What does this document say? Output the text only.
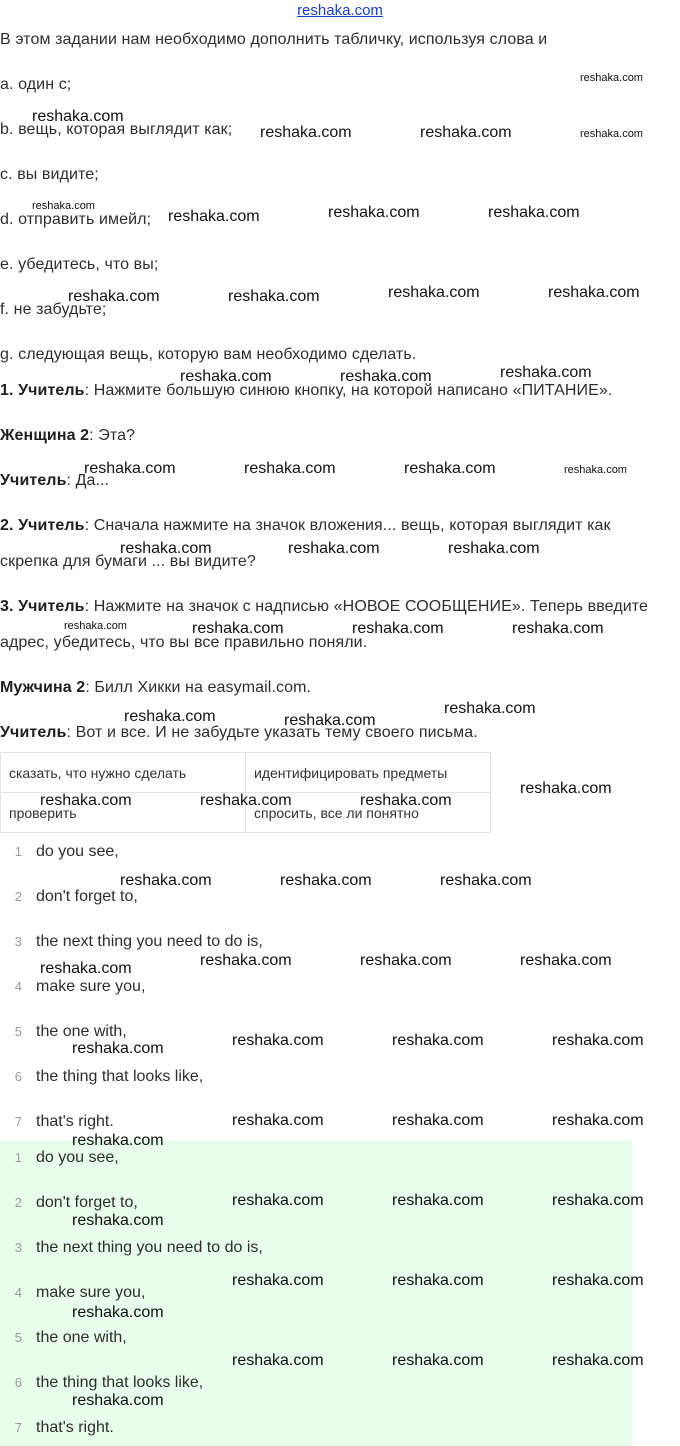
reshaka.com
В этом задании нам необходимо дополнить табличку, используя слова и
a. один с;
b. вещь, которая выглядит как;
c. вы видите;
d. отправить имейл;
e. убедитесь, что вы;
f. не забудьте;
g. следующая вещь, которую вам необходимо сделать.
1. Учитель: Нажмите большую синюю кнопку, на которой написано «ПИТАНИЕ».
Женщина 2: Эта?
Учитель: Да...
2. Учитель: Сначала нажмите на значок вложения... вещь, которая выглядит как
скрепка для бумаги ... вы видите?
3. Учитель: Нажмите на значок с надписью «НОВОЕ СООБЩЕНИЕ». Теперь введите
адрес, убедитесь, что вы все правильно поняли.
Мужчина 2: Билл Хикки на easymail.com.
Учитель: Вот и все. И не забудьте указать тему своего письма.
сказать, что нужно сделать	идентифицировать предметы
проверить	спросить, все ли понятно
1 do you see,
2 don't forget to,
3 the next thing you need to do is,
4 make sure you,
5 the one with,
6 the thing that looks like,
7 that's right.
1 do you see,
2 don't forget to,
3 the next thing you need to do is,
4 make sure you,
5 the one with,
6 the thing that looks like,
7 that's right.
reshaka.com
reshaka.com
reshaka.com	reshaka.com	reshaka.com
reshaka.com
reshaka.com	reshaka.com	reshaka.com
reshaka.com	reshaka.com	reshaka.com	reshaka.com
reshaka.com	reshaka.com	reshaka.com
reshaka.com	reshaka.com	reshaka.com	reshaka.com
reshaka.com	reshaka.com	reshaka.com
reshaka.com	reshaka.com	reshaka.com	reshaka.com
reshaka.com	reshaka.com
reshaka.com
reshaka.com
reshaka.com	reshaka.com	reshaka.com
reshaka.com	reshaka.com	reshaka.com
reshaka.com	reshaka.com	reshaka.com	reshaka.com
reshaka.com	reshaka.com	reshaka.com	reshaka.com
reshaka.com	reshaka.com	reshaka.com
reshaka.com
reshaka.com	reshaka.com	reshaka.com
reshaka.com
reshaka.com	reshaka.com	reshaka.com
reshaka.com
reshaka.com	reshaka.com	reshaka.com
reshaka.com
